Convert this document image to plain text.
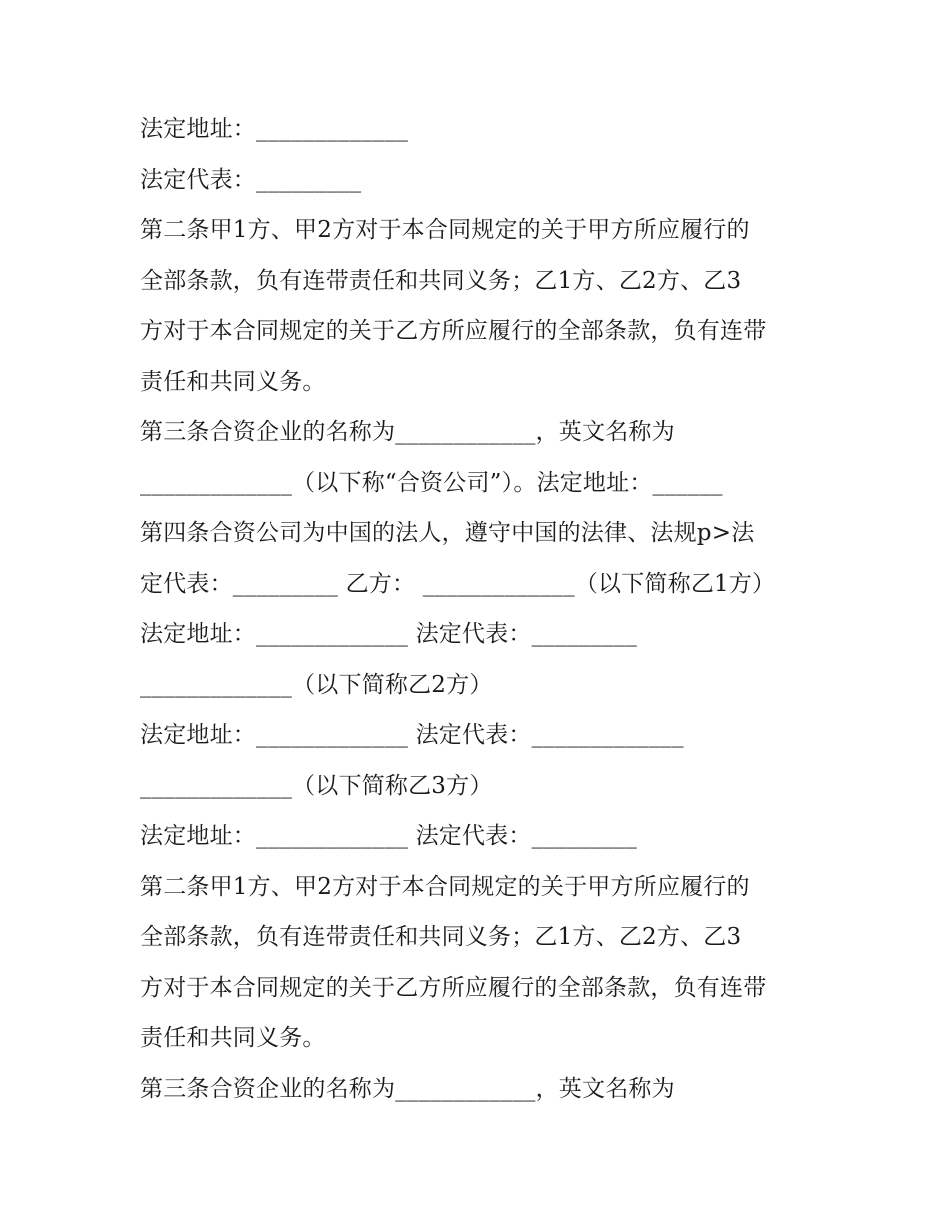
法定地址：_____________
法定代表：_________
第二条甲1方、甲2方对于本合同规定的关于甲方所应履行的
全部条款，负有连带责任和共同义务；乙1方、乙2方、乙3
方对于本合同规定的关于乙方所应履行的全部条款，负有连带
责任和共同义务。
第三条合资企业的名称为____________，英文名称为
_____________（以下称“合资公司”）。法定地址：______
第四条合资公司为中国的法人，遵守中国的法律、法规p>法
定代表：_________ 乙方： _____________（以下简称乙1方）
法定地址：_____________ 法定代表：_________
_____________（以下简称乙2方）
法定地址：_____________ 法定代表：_____________
_____________（以下简称乙3方）
法定地址：_____________ 法定代表：_________
第二条甲1方、甲2方对于本合同规定的关于甲方所应履行的
全部条款，负有连带责任和共同义务；乙1方、乙2方、乙3
方对于本合同规定的关于乙方所应履行的全部条款，负有连带
责任和共同义务。
第三条合资企业的名称为____________，英文名称为
